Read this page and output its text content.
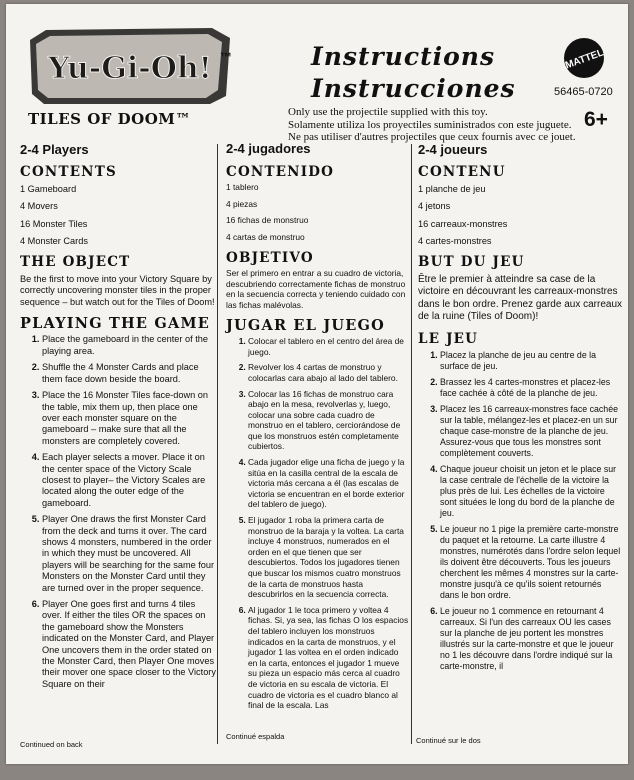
Yu-Gi-Oh! ™
TILES OF DOOM™
Instructions
Instrucciones
Only use the projectile supplied with this toy.
Solamente utiliza los proyectiles suministrados con este juguete.
Ne pas utiliser d'autres projectiles que ceux fournis avec ce jouet.
MATTEL
56465-0720
6+
2-4 Players
CONTENTS
1 Gameboard
4 Movers
16 Monster Tiles
4 Monster Cards
THE OBJECT
Be the first to move into your Victory Square by correctly uncovering monster tiles in the proper sequence – but watch out for the Tiles of Doom!
PLAYING THE GAME
1. Place the gameboard in the center of the playing area.
2. Shuffle the 4 Monster Cards and place them face down beside the board.
3. Place the 16 Monster Tiles face-down on the table, mix them up, then place one over each monster square on the gameboard – make sure that all the monsters are completely covered.
4. Each player selects a mover. Place it on the center space of the Victory Scale closest to player– the Victory Scales are located along the outer edge of the gameboard.
5. Player One draws the first Monster Card from the deck and turns it over. The card shows 4 monsters, numbered in the order in which they must be uncovered. All players will be searching for the same four Monsters on the Monster Card until they are turned over in the proper sequence.
6. Player One goes first and turns 4 tiles over. If either the tiles OR the spaces on the gameboard show the Monsters indicated on the Monster Card, and Player One uncovers them in the order stated on the Monster Card, then Player One moves their mover one space closer to the Victory Square on their
2-4 jugadores
CONTENIDO
1 tablero
4 piezas
16 fichas de monstruo
4 cartas de monstruo
OBJETIVO
Ser el primero en entrar a su cuadro de victoria, descubriendo correctamente fichas de monstruo en la secuencia correcta y teniendo cuidado con las fichas malévolas.
JUGAR EL JUEGO
1. Colocar el tablero en el centro del área de juego.
2. Revolver los 4 cartas de monstruo y colocarlas cara abajo al lado del tablero.
3. Colocar las 16 fichas de monstruo cara abajo en la mesa, revolverlas y, luego, colocar una sobre cada cuadro de monstruo en el tablero, cerciorándose de que los monstruos estén completamente cubiertos.
4. Cada jugador elige una ficha de juego y la sitúa en la casilla central de la escala de victoria más cercana a él (las escalas de victoria se encuentran en el borde exterior del tablero de juego).
5. El jugador 1 roba la primera carta de monstruo de la baraja y la voltea. La carta incluye 4 monstruos, numerados en el orden en el que tienen que ser descubiertos. Todos los jugadores tienen que buscar los mismos cuatro monstruos de la carta de monstruos hasta descubrirlos en la secuencia correcta.
6. Al jugador 1 le toca primero y voltea 4 fichas. Si, ya sea, las fichas O los espacios del tablero incluyen los monstruos indicados en la carta de monstruos, y el jugador 1 las voltea en el orden indicado en la carta, entonces el jugador 1 mueve su pieza un espacio más cerca al cuadro de victoria en su escala de victoria. El cuadro de victoria es el cuadro blanco al final de la escala. Las
2-4 joueurs
CONTENU
1 planche de jeu
4 jetons
16 carreaux-monstres
4 cartes-monstres
BUT DU JEU
Être le premier à atteindre sa case de la victoire en découvrant les carreaux-monstres dans le bon ordre. Prenez garde aux carreaux de la ruine (Tiles of Doom)!
LE JEU
1. Placez la planche de jeu au centre de la surface de jeu.
2. Brassez les 4 cartes-monstres et placez-les face cachée à côté de la planche de jeu.
3. Placez les 16 carreaux-monstres face cachée sur la table, mélangez-les et placez-en un sur chaque case-monstre de la planche de jeu. Assurez-vous que tous les monstres sont complètement couverts.
4. Chaque joueur choisit un jeton et le place sur la case centrale de l'échelle de la victoire la plus près de lui. Les échelles de la victoire sont situées le long du bord de la planche de jeu.
5. Le joueur no 1 pige la première carte-monstre du paquet et la retourne. La carte illustre 4 monstres, numérotés dans l'ordre selon lequel ils doivent être découverts. Tous les joueurs cherchent les mêmes 4 monstres sur la carte-monstre jusqu'à ce qu'ils soient retournés dans le bon ordre.
6. Le joueur no 1 commence en retournant 4 carreaux. Si l'un des carreaux OU les cases sur la planche de jeu portent les monstres illustrés sur la carte-monstre et que le joueur no 1 les découvre dans l'ordre indiqué sur la carte-monstre, il
Continued on back
Continué espalda	Continué sur le dos
